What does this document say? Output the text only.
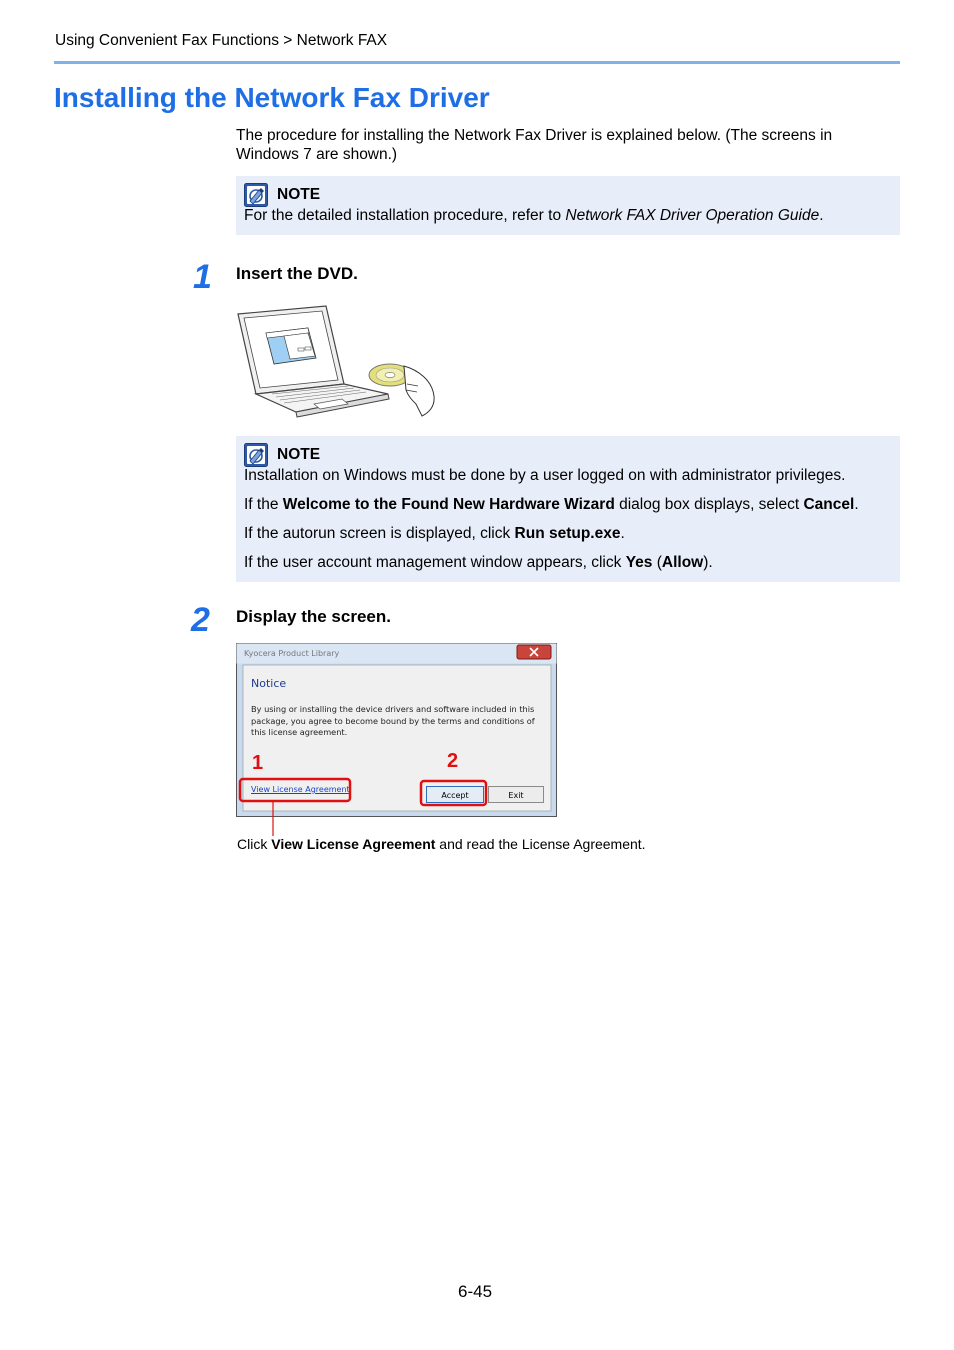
Using Convenient Fax Functions > Network FAX
Installing the Network Fax Driver

The procedure for installing the Network Fax Driver is explained below. (The screens in Windows 7 are shown.)

NOTE

For the detailed installation procedure, refer to Network FAX Driver Operation Guide.

1 Insert the DVD.
NOTE

Installation on Windows must be done by a user logged on with administrator privileges.

If the Welcome to the Found New Hardware Wizard dialog box displays, select Cancel.

If the autorun screen is displayed, click Run setup.exe.

If the user account management window appears, click Yes (Allow).

2 Display the screen.
Kyocera Product Library
Notice
By using or installing the device drivers and software included in this package, you agree to become bound by the terms and conditions of this license agreement.
View License Agreement
Accept	Exit
1	2

Click View License Agreement and read the License Agreement.

6-45
